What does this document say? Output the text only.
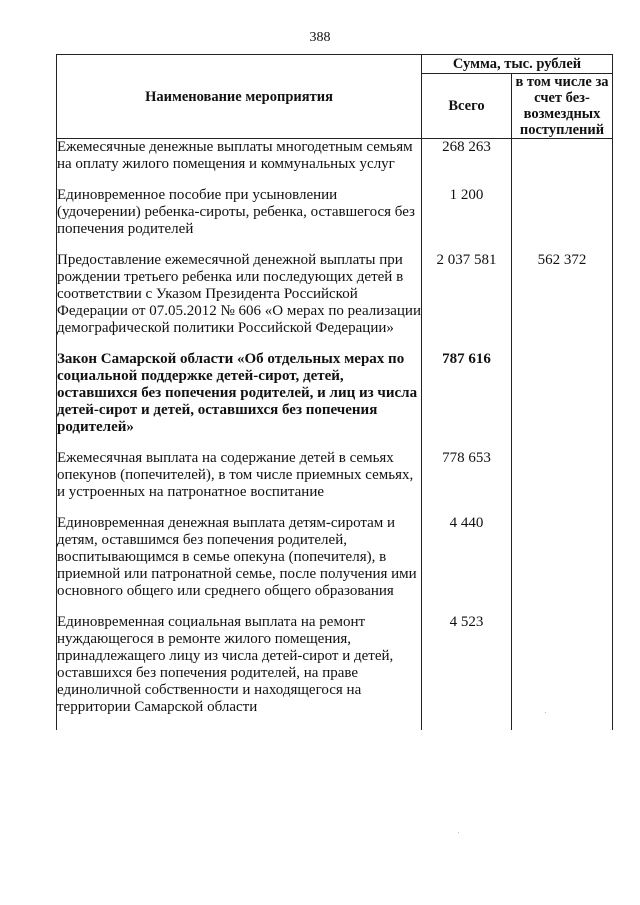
388
Наименование мероприятия	Сумма, тыс. рублей	
	Всего	в том числе за счет без-возмездных поступлений
Ежемесячные денежные выплаты многодетным семьям на оплату жилого помещения и коммунальных услуг	268 263	
Единовременное пособие при усыновлении (удочерении) ребенка-сироты, ребенка, оставшегося без попечения родителей	1 200	
Предоставление ежемесячной денежной выплаты при рождении третьего ребенка или последующих детей в соответствии с Указом Президента Российской Федерации от 07.05.2012 № 606 «О мерах по реализации демографической политики Российской Федерации»	2 037 581	562 372
Закон Самарской области «Об отдельных мерах по социальной поддержке детей-сирот, детей, оставшихся без попечения родителей, и лиц из числа детей-сирот и детей, оставшихся без попечения родителей»	787 616	
Ежемесячная выплата на содержание детей в семьях опекунов (попечителей), в том числе приемных семьях, и устроенных на патронатное воспитание	778 653	
Единовременная денежная выплата детям-сиротам и детям, оставшимся без попечения родителей, воспитывающимся в семье опекуна (попечителя), в приемной или патронатной семье, после получения ими основного общего или среднего общего образования	4 440	
Единовременная социальная выплата на ремонт нуждающегося в ремонте жилого помещения, принадлежащего лицу из числа детей-сирот и детей, оставшихся без попечения родителей, на праве единоличной собственности и находящегося на территории Самарской области	4 523	
